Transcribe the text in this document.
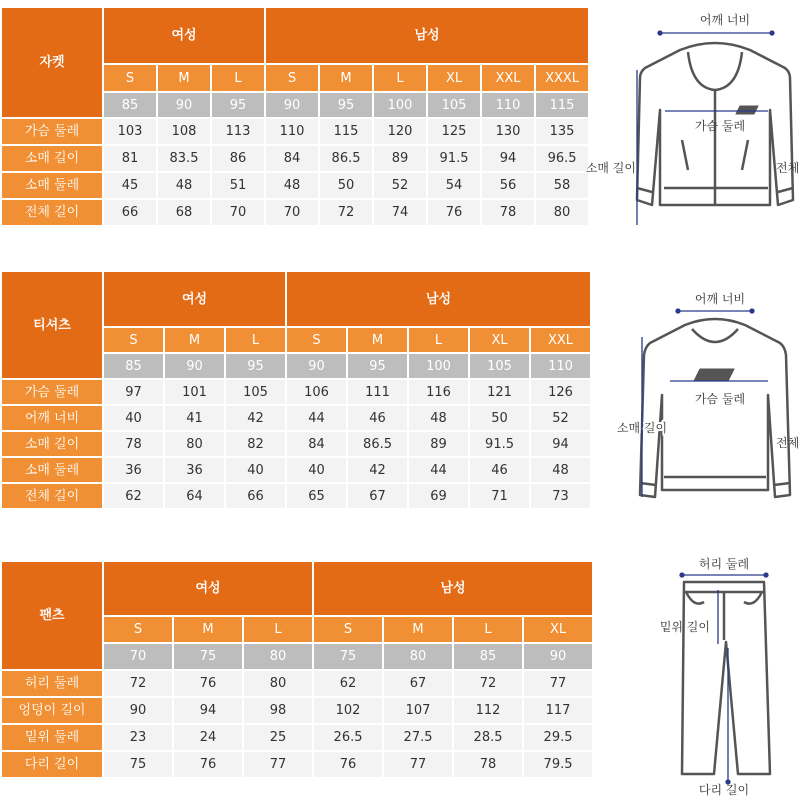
자켓	여성			남성					
	S	M	L	S	M	L	XL	XXL	XXXL
	85	90	95	90	95	100	105	110	115
가슴 둘레	103	108	113	110	115	120	125	130	135
소매 길이	81	83.5	86	84	86.5	89	91.5	94	96.5
소매 둘레	45	48	51	48	50	52	54	56	58
전체 길이	66	68	70	70	72	74	76	78	80
티셔츠	여성			남성				
	S	M	L	S	M	L	XL	XXL
	85	90	95	90	95	100	105	110
가슴 둘레	97	101	105	106	111	116	121	126
어깨 너비	40	41	42	44	46	48	50	52
소매 길이	78	80	82	84	86.5	89	91.5	94
소매 둘레	36	36	40	40	42	44	46	48
전체 길이	62	64	66	65	67	69	71	73
팬츠	여성			남성			
	S	M	L	S	M	L	XL
	70	75	80	75	80	85	90
허리 둘레	72	76	80	62	67	72	77
엉덩이 길이	90	94	98	102	107	112	117
밑위 둘레	23	24	25	26.5	27.5	28.5	29.5
다리 길이	75	76	77	76	77	78	79.5
어깨 너비
가슴 둘레
소매 길이	전체
어깨 너비
가슴 둘레
소매 길이
전체
허리 둘레
밑위 길이
다리 길이
